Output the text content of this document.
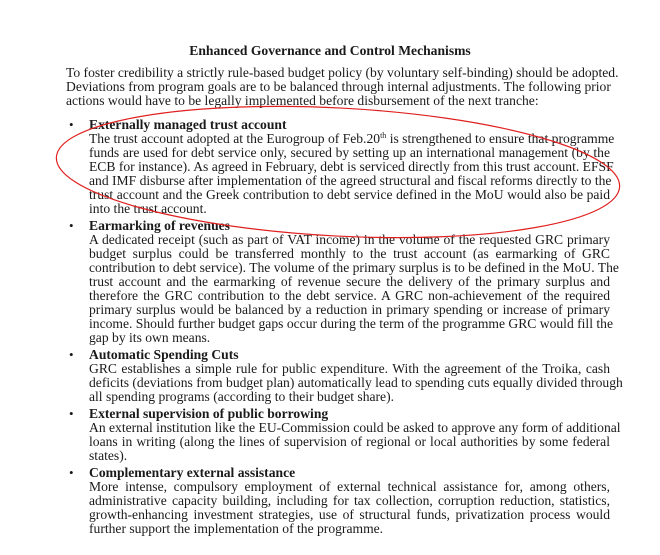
Enhanced Governance and Control Mechanisms
To foster credibility a strictly rule-based budget policy (by voluntary self-binding) should be adopted.
Deviations from program goals are to be balanced through internal adjustments. The following prior
actions would have to be legally implemented before disbursement of the next tranche:
• Externally managed trust account
The trust account adopted at the Eurogroup of Feb.20th is strengthened to ensure that programme
funds are used for debt service only, secured by setting up an international management (by the
ECB for instance). As agreed in February, debt is serviced directly from this trust account. EFSF
and IMF disburse after implementation of the agreed structural and fiscal reforms directly to the
trust account and the Greek contribution to debt service defined in the MoU would also be paid
into the trust account.
• Earmarking of revenues
A dedicated receipt (such as part of VAT income) in the volume of the requested GRC primary
budget surplus could be transferred monthly to the trust account (as earmarking of GRC
contribution to debt service). The volume of the primary surplus is to be defined in the MoU. The
trust account and the earmarking of revenue secure the delivery of the primary surplus and
therefore the GRC contribution to the debt service. A GRC non-achievement of the required
primary surplus would be balanced by a reduction in primary spending or increase of primary
income. Should further budget gaps occur during the term of the programme GRC would fill the
gap by its own means.
• Automatic Spending Cuts
GRC establishes a simple rule for public expenditure. With the agreement of the Troika, cash
deficits (deviations from budget plan) automatically lead to spending cuts equally divided through
all spending programs (according to their budget share).
• External supervision of public borrowing
An external institution like the EU-Commission could be asked to approve any form of additional
loans in writing (along the lines of supervision of regional or local authorities by some federal
states).
• Complementary external assistance
More intense, compulsory employment of external technical assistance for, among others,
administrative capacity building, including for tax collection, corruption reduction, statistics,
growth-enhancing investment strategies, use of structural funds, privatization process would
further support the implementation of the programme.
